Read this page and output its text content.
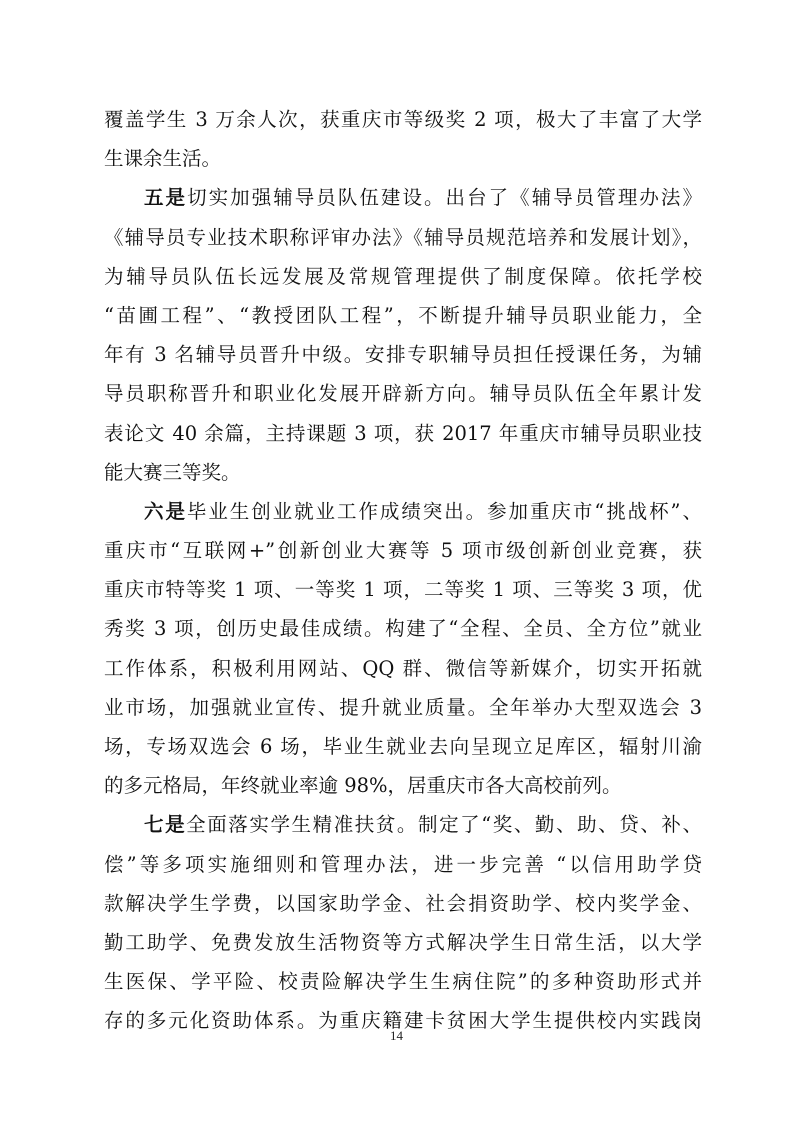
覆盖学生 3 万余人次，获重庆市等级奖 2 项，极大了丰富了大学
生课余生活。
五是切实加强辅导员队伍建设。出台了《辅导员管理办法》
《辅导员专业技术职称评审办法》《辅导员规范培养和发展计划》，
为辅导员队伍长远发展及常规管理提供了制度保障。依托学校
“苗圃工程”、“教授团队工程”，不断提升辅导员职业能力，全
年有 3 名辅导员晋升中级。安排专职辅导员担任授课任务，为辅
导员职称晋升和职业化发展开辟新方向。辅导员队伍全年累计发
表论文 40 余篇，主持课题 3 项，获 2017 年重庆市辅导员职业技
能大赛三等奖。
六是毕业生创业就业工作成绩突出。参加重庆市“挑战杯”、
重庆市“互联网+”创新创业大赛等 5 项市级创新创业竞赛，获
重庆市特等奖 1 项、一等奖 1 项，二等奖 1 项、三等奖 3 项，优
秀奖 3 项，创历史最佳成绩。构建了“全程、全员、全方位”就业
工作体系，积极利用网站、QQ 群、微信等新媒介，切实开拓就
业市场，加强就业宣传、提升就业质量。全年举办大型双选会 3
场，专场双选会 6 场，毕业生就业去向呈现立足库区，辐射川渝
的多元格局，年终就业率逾 98%，居重庆市各大高校前列。
七是全面落实学生精准扶贫。制定了“奖、勤、助、贷、补、
偿”等多项实施细则和管理办法，进一步完善 “以信用助学贷
款解决学生学费，以国家助学金、社会捐资助学、校内奖学金、
勤工助学、免费发放生活物资等方式解决学生日常生活，以大学
生医保、学平险、校责险解决学生生病住院”的多种资助形式并
存的多元化资助体系。为重庆籍建卡贫困大学生提供校内实践岗
14
